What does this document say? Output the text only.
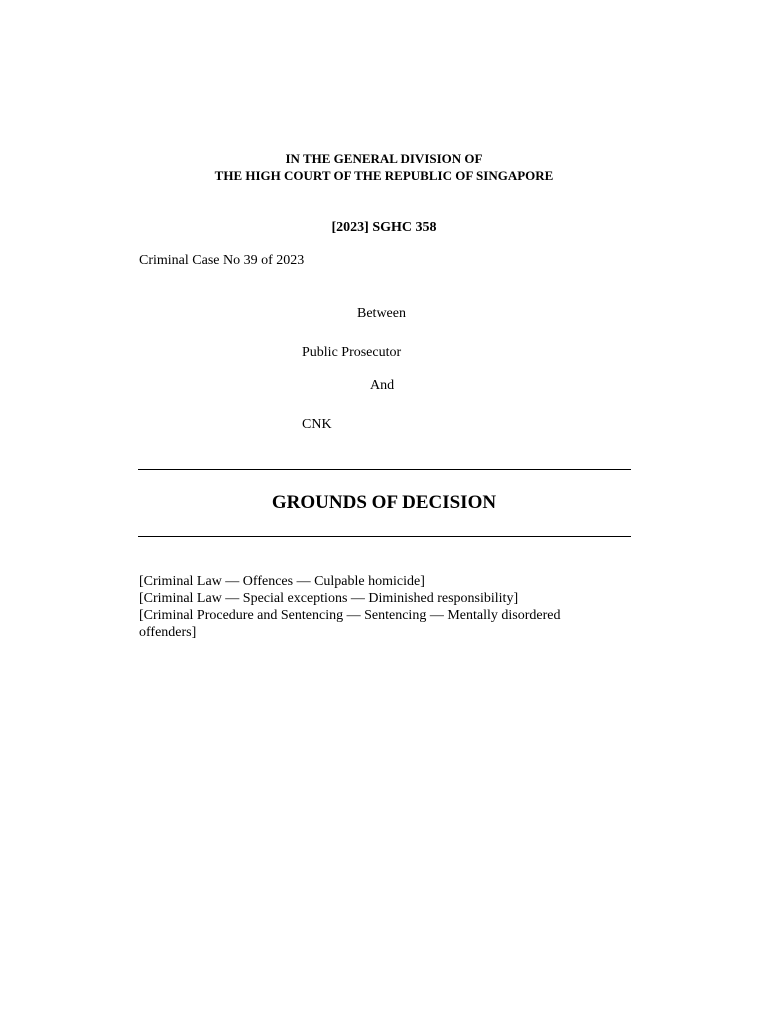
IN THE GENERAL DIVISION OF
THE HIGH COURT OF THE REPUBLIC OF SINGAPORE
[2023] SGHC 358
Criminal Case No 39 of 2023
Between
Public Prosecutor
And
CNK
GROUNDS OF DECISION
[Criminal Law — Offences — Culpable homicide]
[Criminal Law — Special exceptions — Diminished responsibility]
[Criminal Procedure and Sentencing — Sentencing — Mentally disordered offenders]
